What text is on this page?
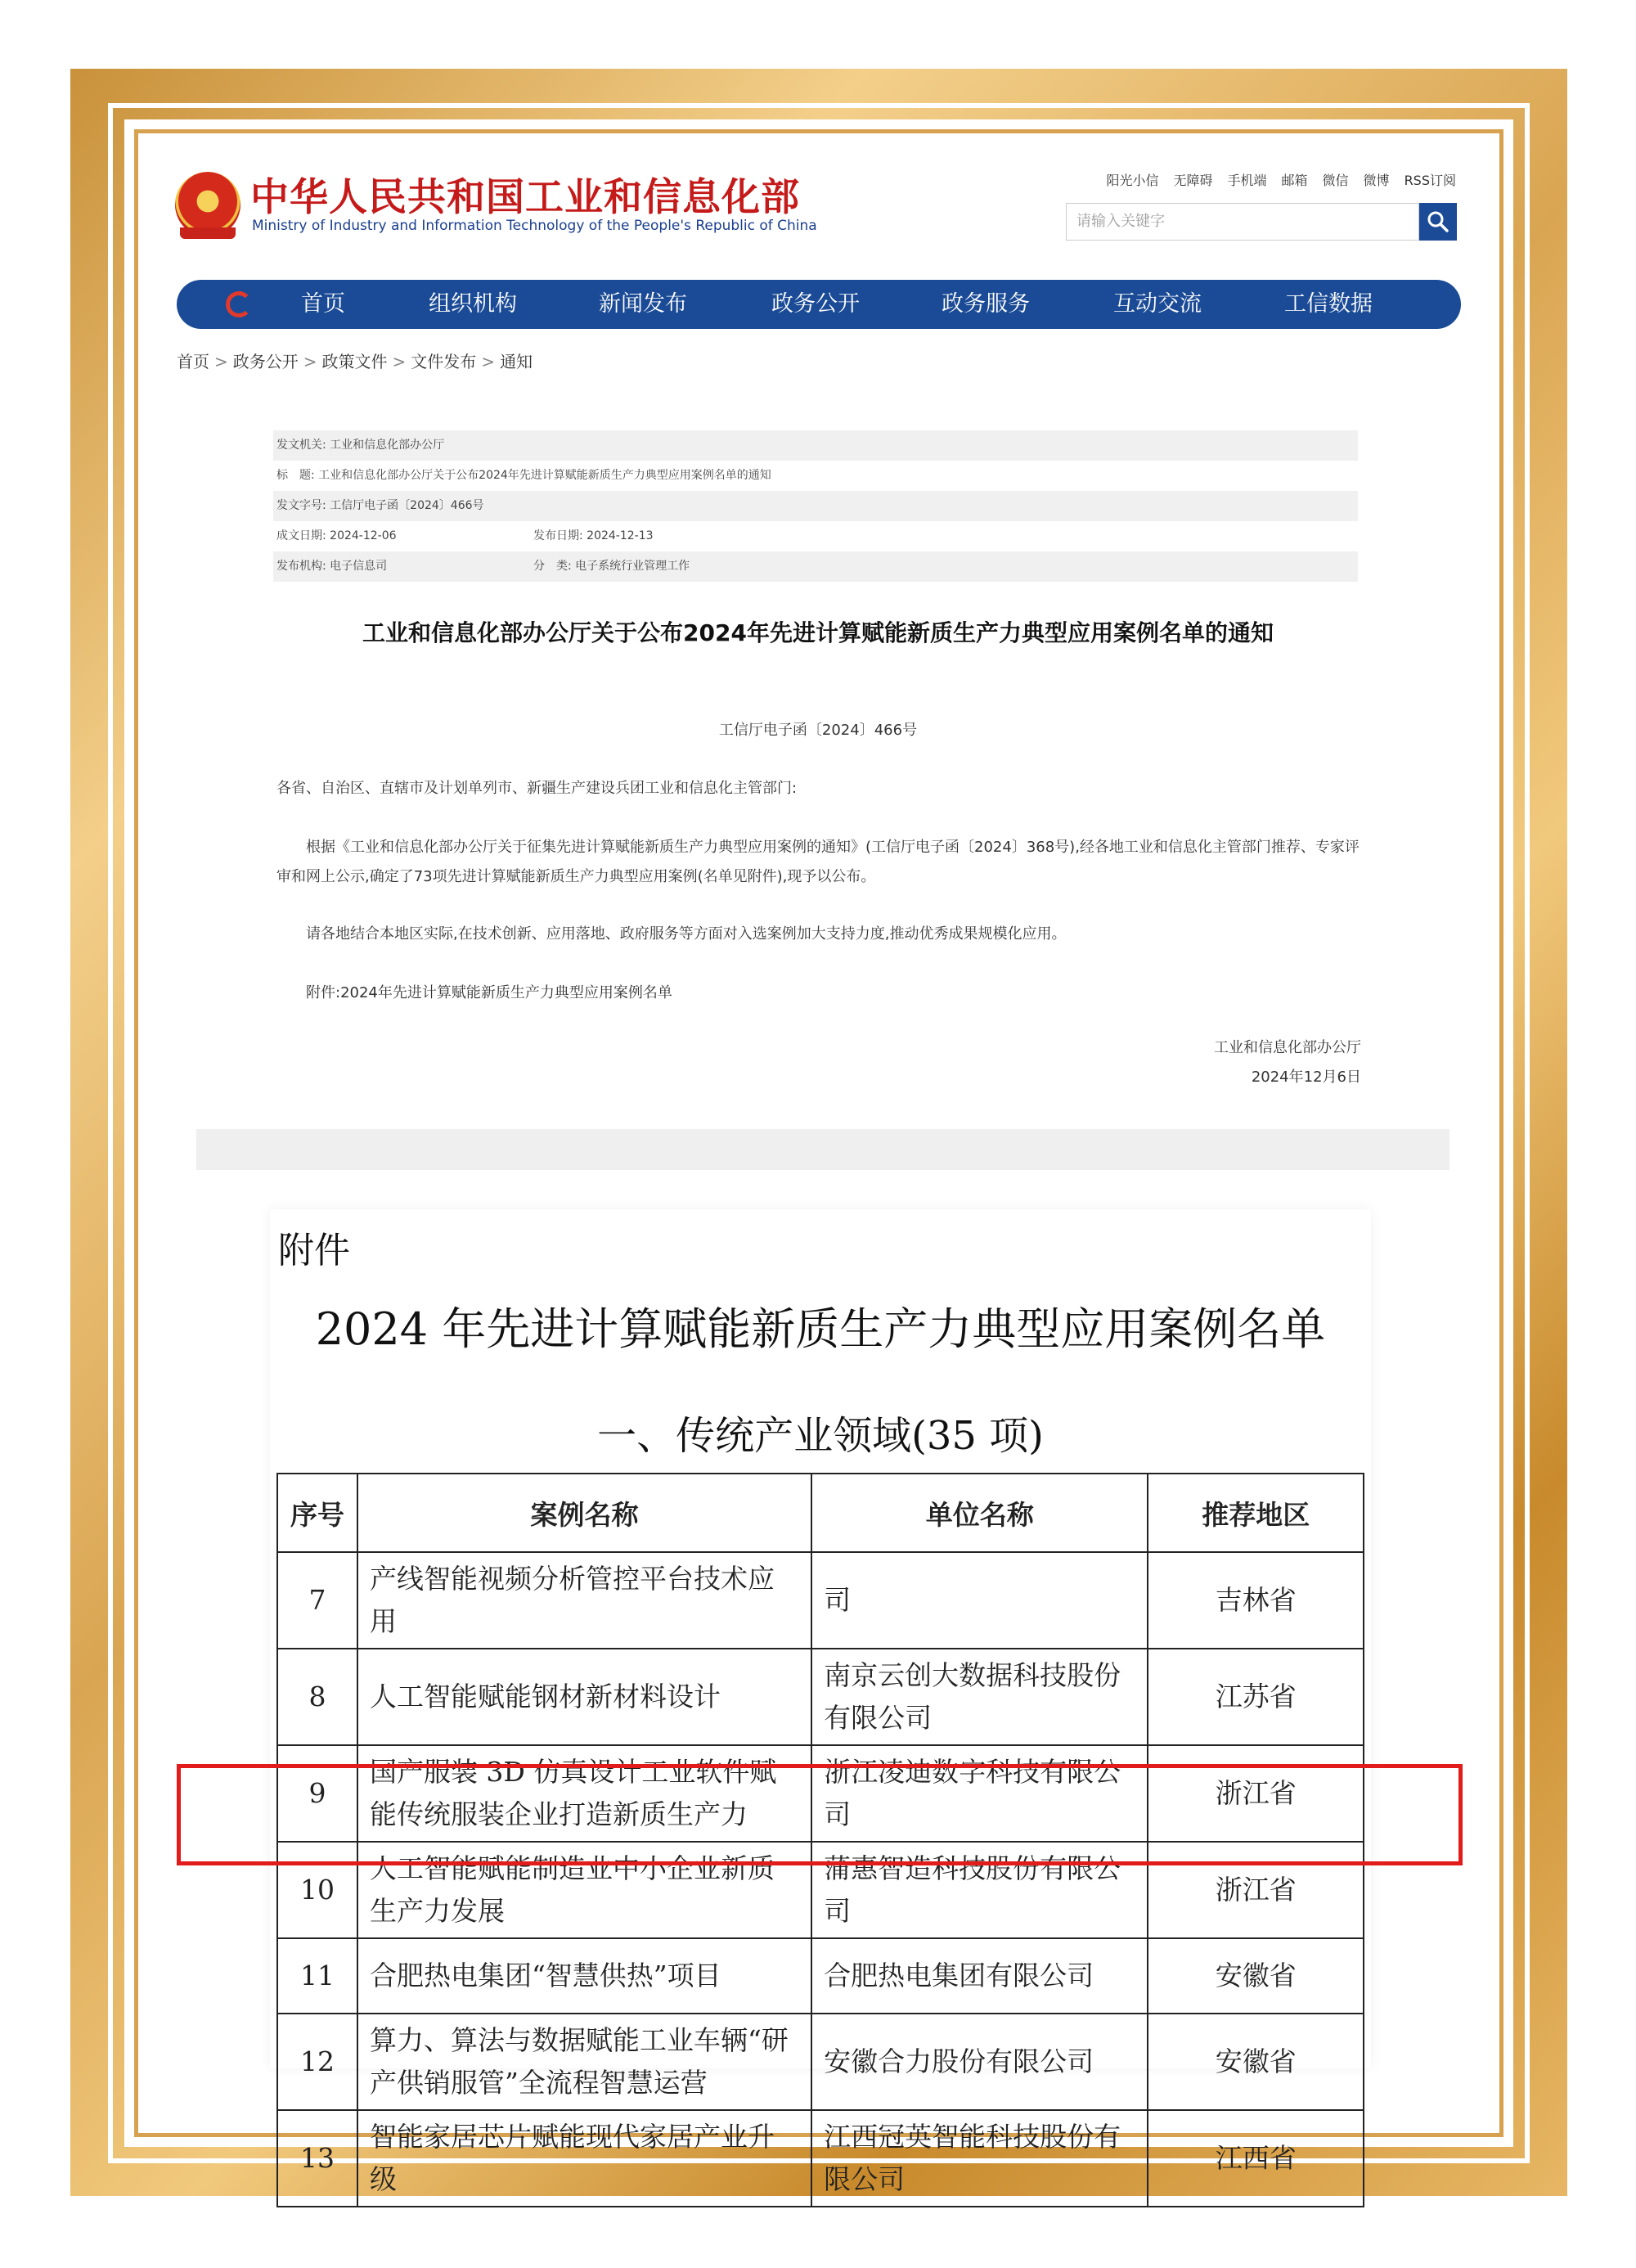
中华人民共和国工业和信息化部
Ministry of Industry and Information Technology of the People's Republic of China
阳光小信 无障碍 手机端 邮箱 微信 微博 RSS订阅
请输入关键字
首页	组织机构	新闻发布	政务公开	政务服务	互动交流	工信数据
首页 > 政务公开 > 政策文件 > 文件发布 > 通知
发文机关: 工业和信息化部办公厅
标　题: 工业和信息化部办公厅关于公布2024年先进计算赋能新质生产力典型应用案例名单的通知
发文字号: 工信厅电子函〔2024〕466号
成文日期: 2024-12-06	发布日期: 2024-12-13
发布机构: 电子信息司	分　类: 电子系统行业管理工作
工业和信息化部办公厅关于公布2024年先进计算赋能新质生产力典型应用案例名单的通知
工信厅电子函〔2024〕466号
各省、自治区、直辖市及计划单列市、新疆生产建设兵团工业和信息化主管部门:
根据《工业和信息化部办公厅关于征集先进计算赋能新质生产力典型应用案例的通知》(工信厅电子函〔2024〕368号),经各地工业和信息化主管部门推荐、专家评审和网上公示,确定了73项先进计算赋能新质生产力典型应用案例(名单见附件),现予以公布。
请各地结合本地区实际,在技术创新、应用落地、政府服务等方面对入选案例加大支持力度,推动优秀成果规模化应用。
附件:2024年先进计算赋能新质生产力典型应用案例名单
工业和信息化部办公厅
2024年12月6日
附件
2024 年先进计算赋能新质生产力典型应用案例名单
一、传统产业领域(35 项)
序号	案例名称	单位名称	推荐地区
7	产线智能视频分析管控平台技术应用	司	吉林省
8	人工智能赋能钢材新材料设计	南京云创大数据科技股份有限公司	江苏省
9	国产服装 3D 仿真设计工业软件赋能传统服装企业打造新质生产力	浙江凌迪数字科技有限公司	浙江省
10	人工智能赋能制造业中小企业新质生产力发展	蒲惠智造科技股份有限公司	浙江省
11	合肥热电集团“智慧供热”项目	合肥热电集团有限公司	安徽省
12	算力、算法与数据赋能工业车辆“研产供销服管”全流程智慧运营	安徽合力股份有限公司	安徽省
13	智能家居芯片赋能现代家居产业升级	江西冠英智能科技股份有限公司	江西省
